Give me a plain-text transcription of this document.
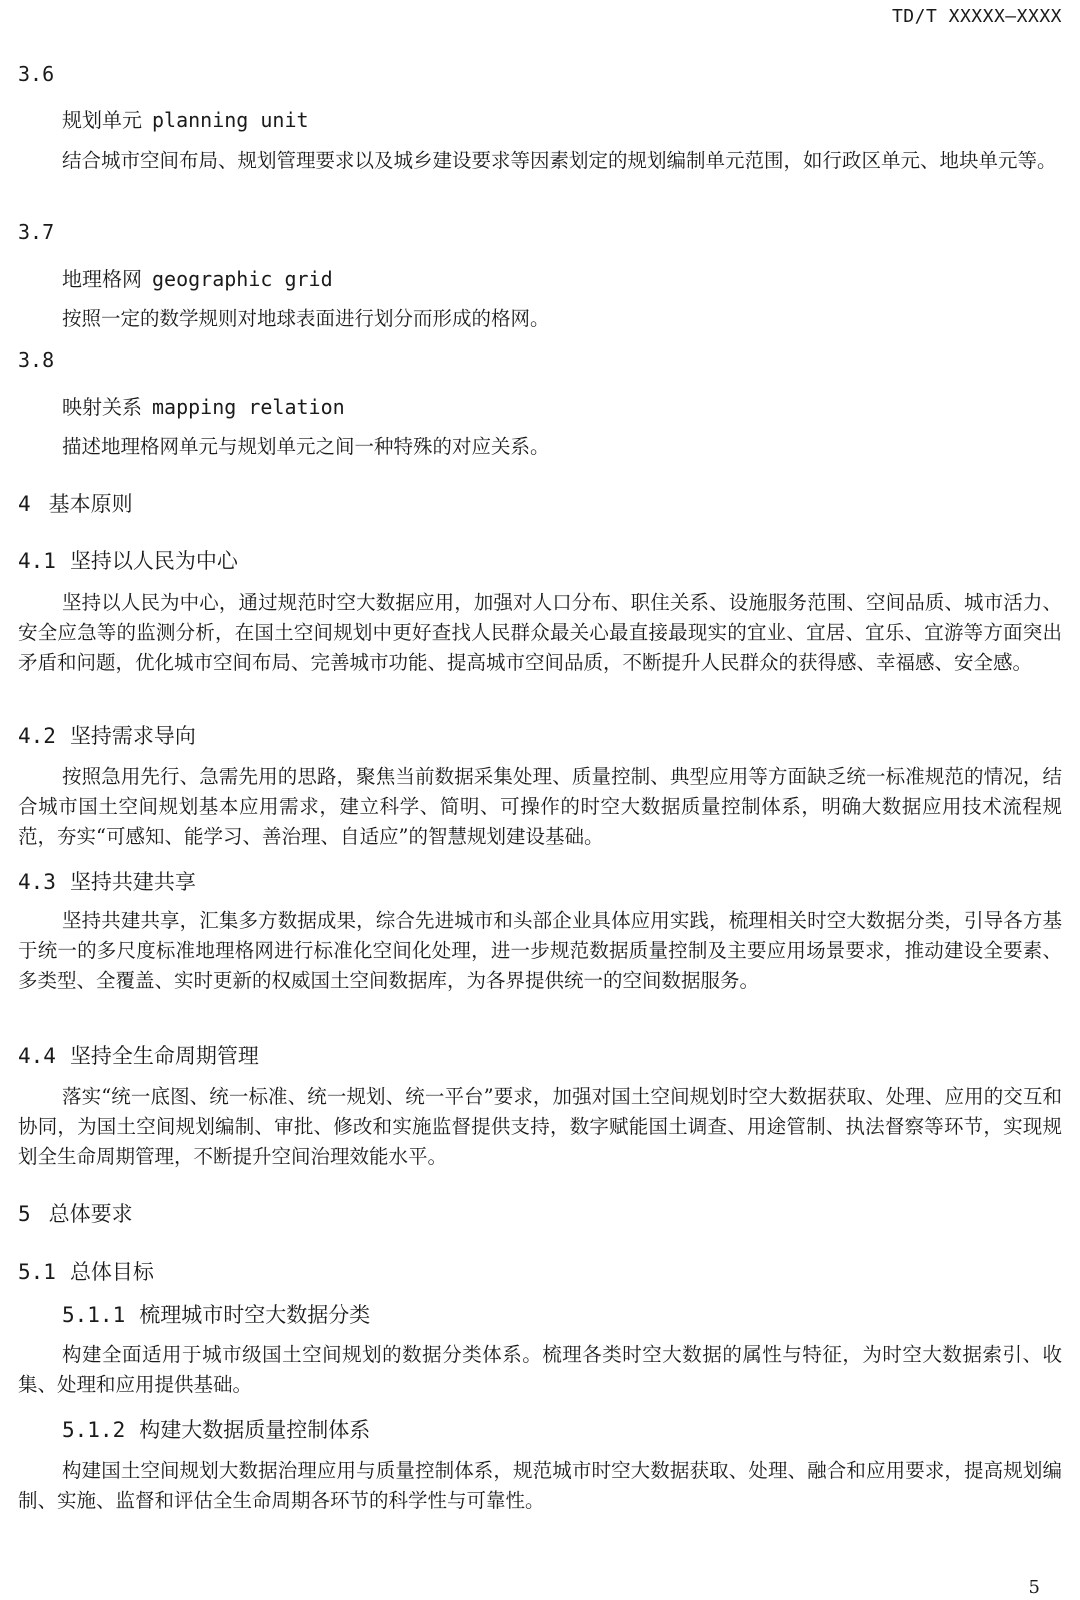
TD/T XXXXX—XXXX
3.6
规划单元 planning unit

结合城市空间布局、规划管理要求以及城乡建设要求等因素划定的规划编制单元范围，如行政区单元、地块单元等。

3.7
地理格网 geographic grid

按照一定的数学规则对地球表面进行划分而形成的格网。

3.8
映射关系 mapping relation

描述地理格网单元与规划单元之间一种特殊的对应关系。

4 基本原则
4.1 坚持以人民为中心

坚持以人民为中心，通过规范时空大数据应用，加强对人口分布、职住关系、设施服务范围、空间品质、城市活力、安全应急等的监测分析，在国土空间规划中更好查找人民群众最关心最直接最现实的宜业、宜居、宜乐、宜游等方面突出矛盾和问题，优化城市空间布局、完善城市功能、提高城市空间品质，不断提升人民群众的获得感、幸福感、安全感。

4.2 坚持需求导向

按照急用先行、急需先用的思路，聚焦当前数据采集处理、质量控制、典型应用等方面缺乏统一标准规范的情况，结合城市国土空间规划基本应用需求，建立科学、简明、可操作的时空大数据质量控制体系，明确大数据应用技术流程规范，夯实“可感知、能学习、善治理、自适应”的智慧规划建设基础。

4.3 坚持共建共享

坚持共建共享，汇集多方数据成果，综合先进城市和头部企业具体应用实践，梳理相关时空大数据分类，引导各方基于统一的多尺度标准地理格网进行标准化空间化处理，进一步规范数据质量控制及主要应用场景要求，推动建设全要素、多类型、全覆盖、实时更新的权威国土空间数据库，为各界提供统一的空间数据服务。

4.4 坚持全生命周期管理

落实“统一底图、统一标准、统一规划、统一平台”要求，加强对国土空间规划时空大数据获取、处理、应用的交互和协同，为国土空间规划编制、审批、修改和实施监督提供支持，数字赋能国土调查、用途管制、执法督察等环节，实现规划全生命周期管理，不断提升空间治理效能水平。

5 总体要求
5.1 总体目标
5.1.1 梳理城市时空大数据分类

构建全面适用于城市级国土空间规划的数据分类体系。梳理各类时空大数据的属性与特征，为时空大数据索引、收集、处理和应用提供基础。

5.1.2 构建大数据质量控制体系

构建国土空间规划大数据治理应用与质量控制体系，规范城市时空大数据获取、处理、融合和应用要求，提高规划编制、实施、监督和评估全生命周期各环节的科学性与可靠性。

5
